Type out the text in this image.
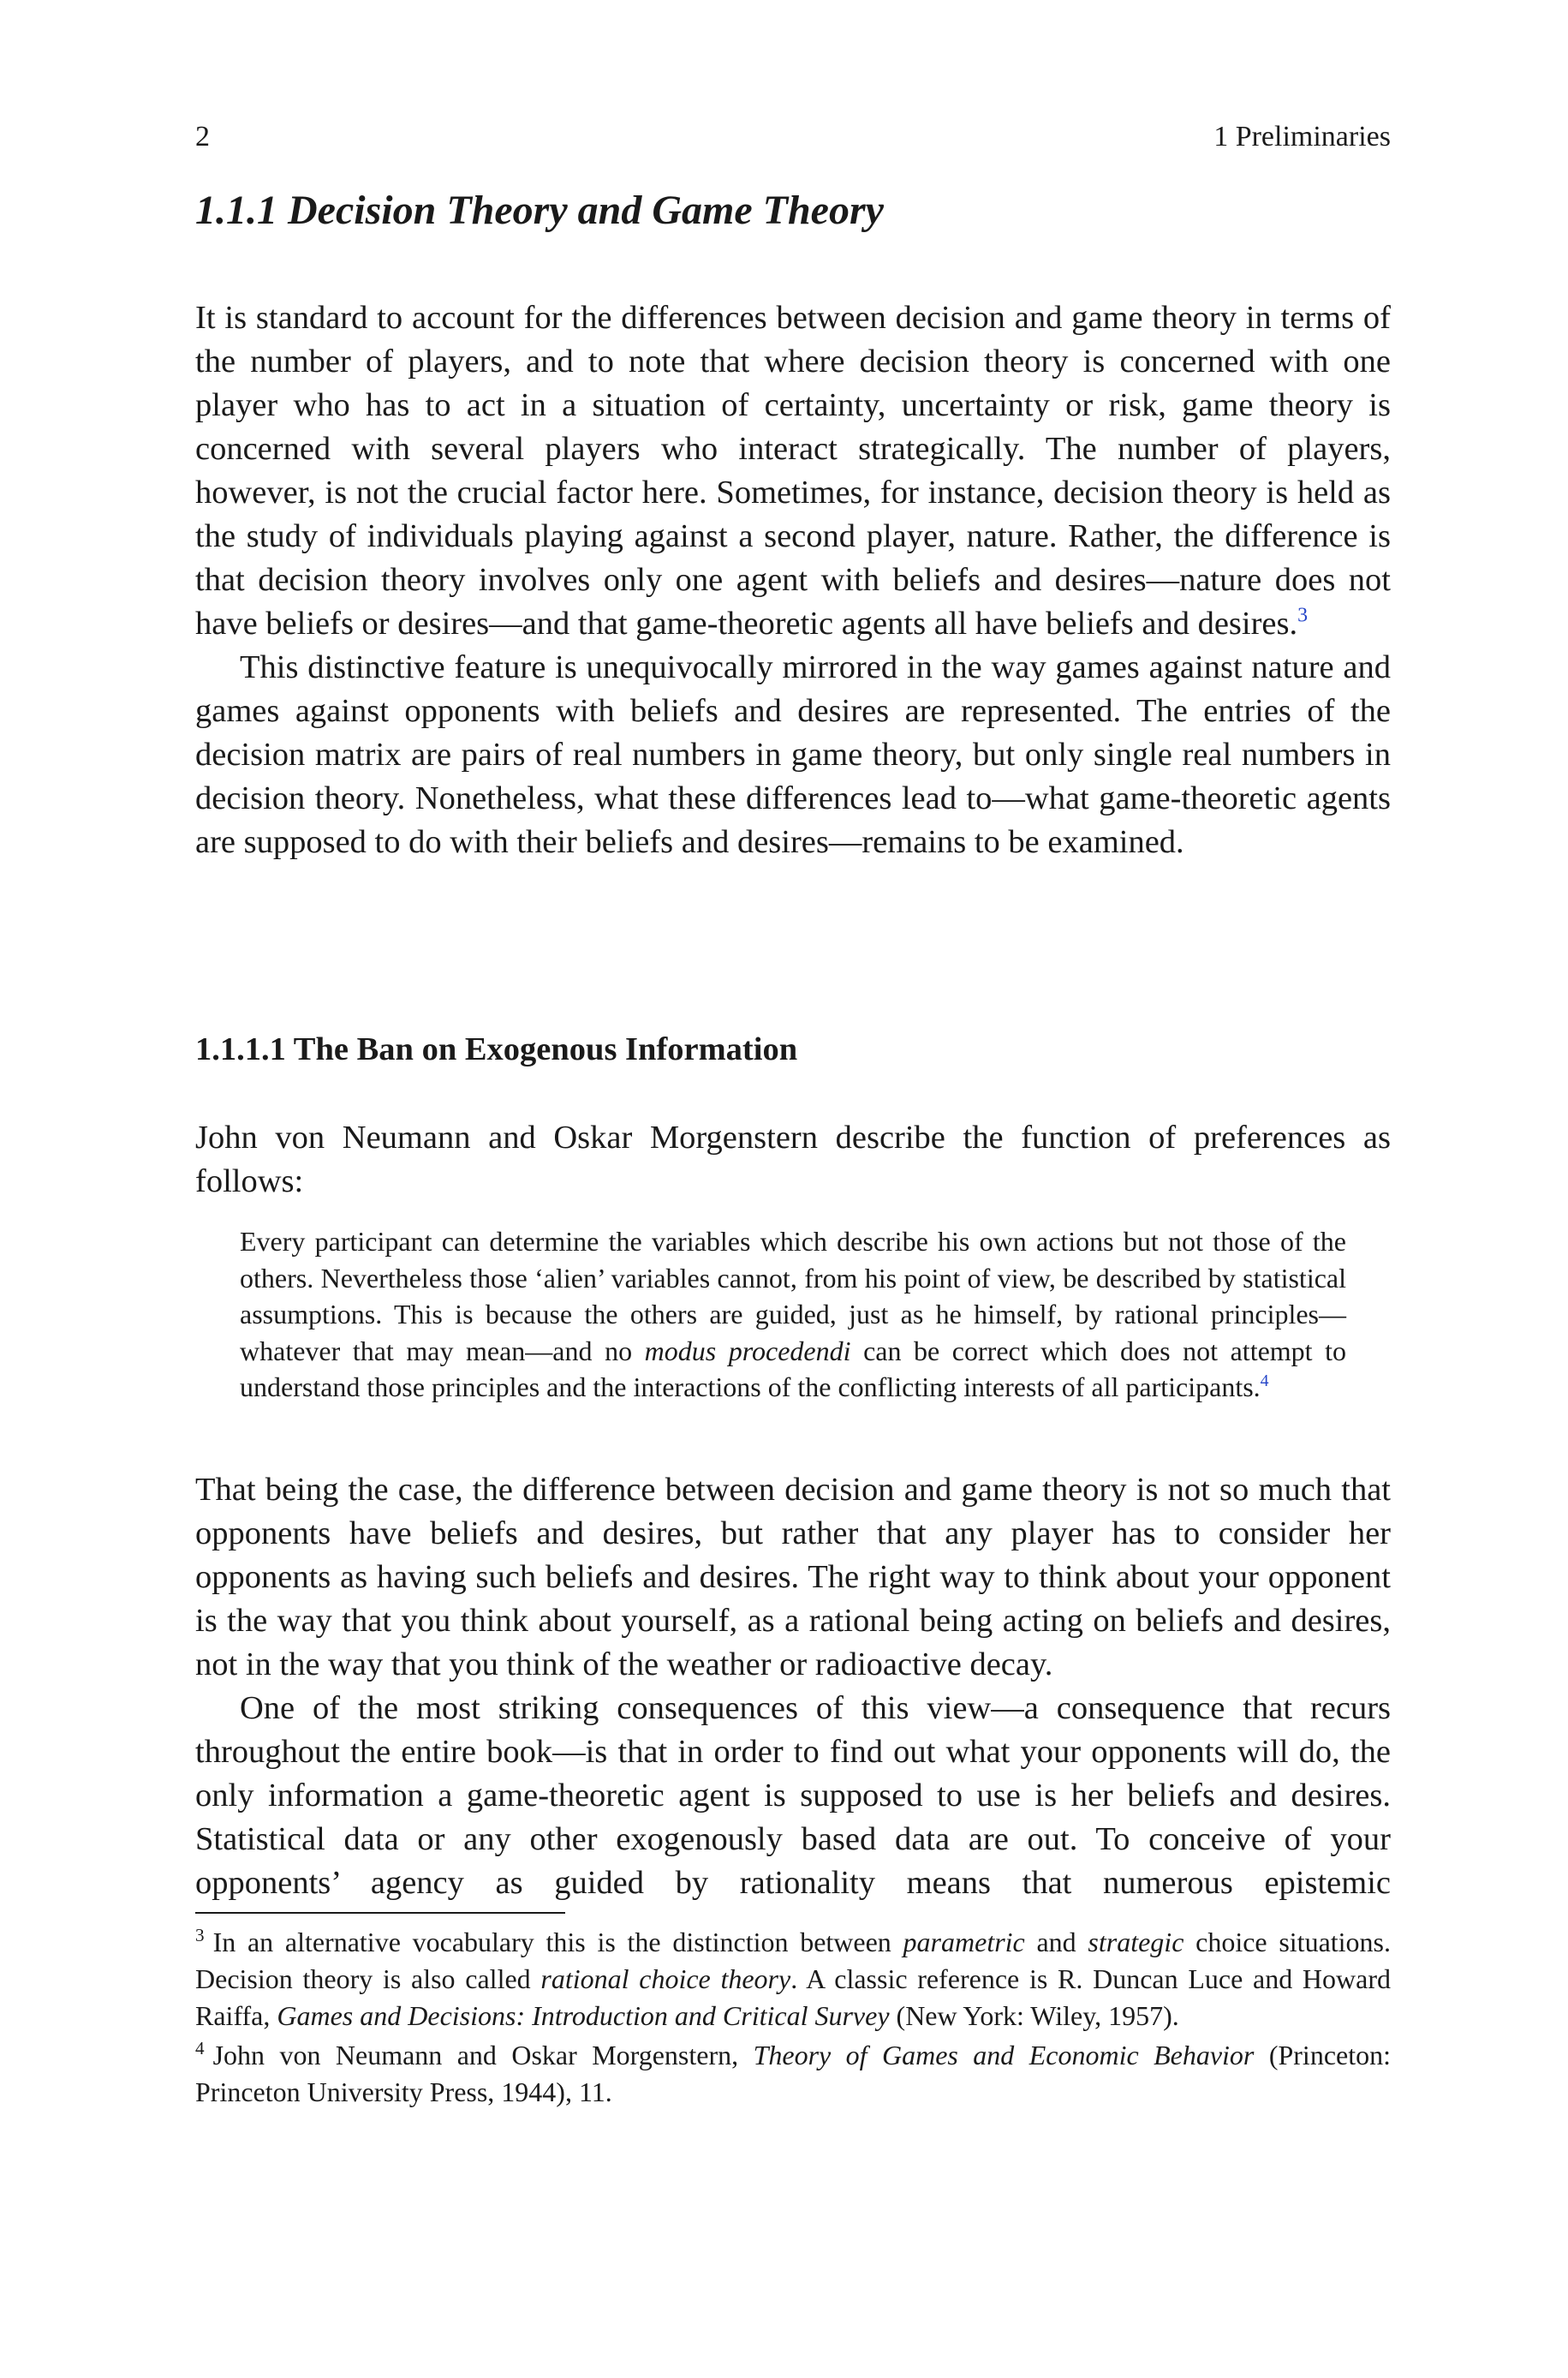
2	1 Preliminaries
1.1.1 Decision Theory and Game Theory

It is standard to account for the differences between decision and game theory in terms of the number of players, and to note that where decision theory is concerned with one player who has to act in a situation of certainty, uncertainty or risk, game theory is concerned with several players who interact strategically. The number of players, however, is not the crucial factor here. Sometimes, for instance, decision theory is held as the study of individuals playing against a second player, nature. Rather, the difference is that decision theory involves only one agent with beliefs and desires—nature does not have beliefs or desires—and that game-theoretic agents all have beliefs and desires.$^3$

This distinctive feature is unequivocally mirrored in the way games against nature and games against opponents with beliefs and desires are represented. The entries of the decision matrix are pairs of real numbers in game theory, but only single real numbers in decision theory. Nonetheless, what these differences lead to—what game-theoretic agents are supposed to do with their beliefs and desires—remains to be examined.

1.1.1.1 The Ban on Exogenous Information

John von Neumann and Oskar Morgenstern describe the function of preferences as follows:

Every participant can determine the variables which describe his own actions but not those of the others. Nevertheless those ‘alien’ variables cannot, from his point of view, be described by statistical assumptions. This is because the others are guided, just as he himself, by rational principles—whatever that may mean—and no modus procedendi can be correct which does not attempt to understand those principles and the interactions of the conflicting interests of all participants.$^4$

That being the case, the difference between decision and game theory is not so much that opponents have beliefs and desires, but rather that any player has to consider her opponents as having such beliefs and desires. The right way to think about your opponent is the way that you think about yourself, as a rational being acting on beliefs and desires, not in the way that you think of the weather or radioactive decay.

One of the most striking consequences of this view—a consequence that recurs throughout the entire book—is that in order to find out what your opponents will do, the only information a game-theoretic agent is supposed to use is her beliefs and desires. Statistical data or any other exogenously based data are out. To conceive of your opponents’ agency as guided by rationality means that numerous epistemic

$^3$ In an alternative vocabulary this is the distinction between parametric and strategic choice situations. Decision theory is also called rational choice theory. A classic reference is R. Duncan Luce and Howard Raiffa, Games and Decisions: Introduction and Critical Survey (New York: Wiley, 1957).

$^4$ John von Neumann and Oskar Morgenstern, Theory of Games and Economic Behavior (Princeton: Princeton University Press, 1944), 11.
